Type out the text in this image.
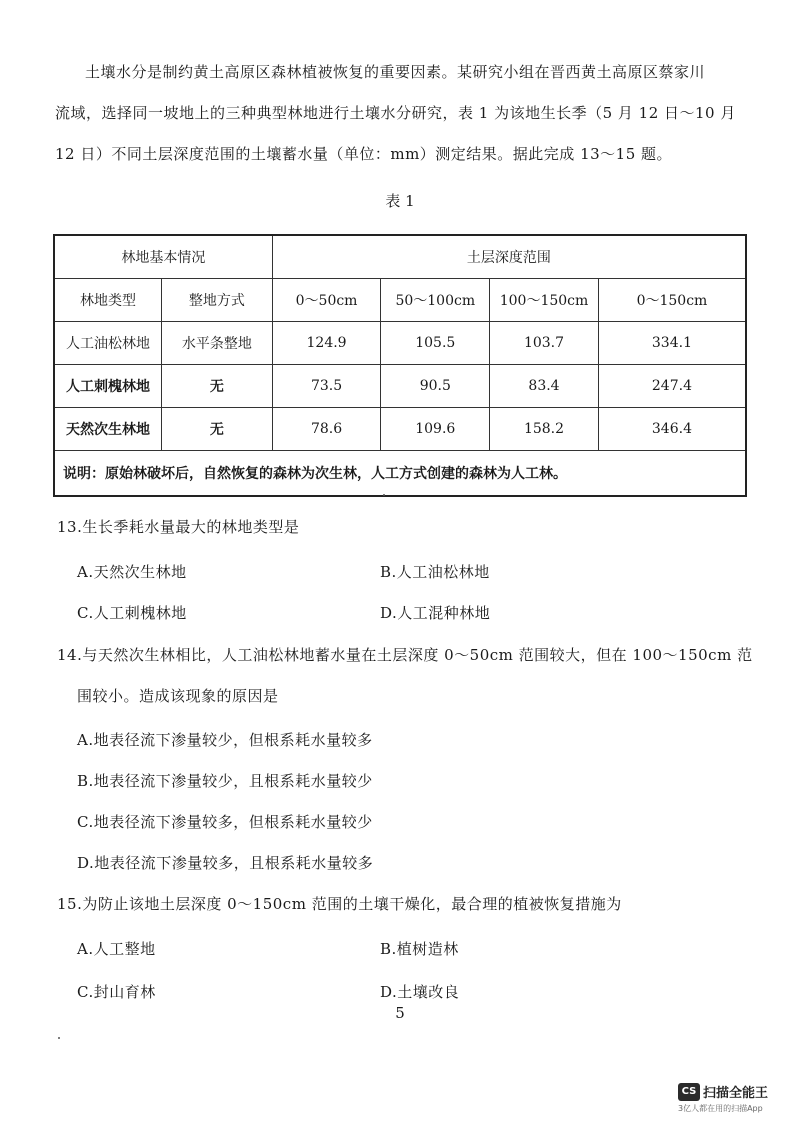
土壤水分是制约黄土高原区森林植被恢复的重要因素。某研究小组在晋西黄土高原区蔡家川
流域，选择同一坡地上的三种典型林地进行土壤水分研究，表 1 为该地生长季（5 月 12 日～10 月
12 日）不同土层深度范围的土壤蓄水量（单位：mm）测定结果。据此完成 13～15 题。

表 1
林地基本情况		土层深度范围			
林地类型	整地方式	0～50cm	50～100cm	100～150cm	0～150cm
人工油松林地	水平条整地	124.9	105.5	103.7	334.1
人工刺槐林地	无	73.5	90.5	83.4	247.4
天然次生林地	无	78.6	109.6	158.2	346.4
说明：原始林破坏后，自然恢复的森林为次生林，人工方式创建的森林为人工林。					

13.生长季耗水量最大的林地类型是

A.天然次生林地	B.人工油松林地
C.人工刺槐林地	D.人工混种林地

14.与天然次生林相比，人工油松林地蓄水量在土层深度 0～50cm 范围较大，但在 100～150cm 范
围较小。造成该现象的原因是

A.地表径流下渗量较少，但根系耗水量较多
B.地表径流下渗量较少，且根系耗水量较少
C.地表径流下渗量较多，但根系耗水量较少
D.地表径流下渗量较多，且根系耗水量较多

15.为防止该地土层深度 0～150cm 范围的土壤干燥化，最合理的植被恢复措施为

A.人工整地	B.植树造林
C.封山育林	D.土壤改良
5
CS 扫描全能王
3亿人都在用的扫描App
